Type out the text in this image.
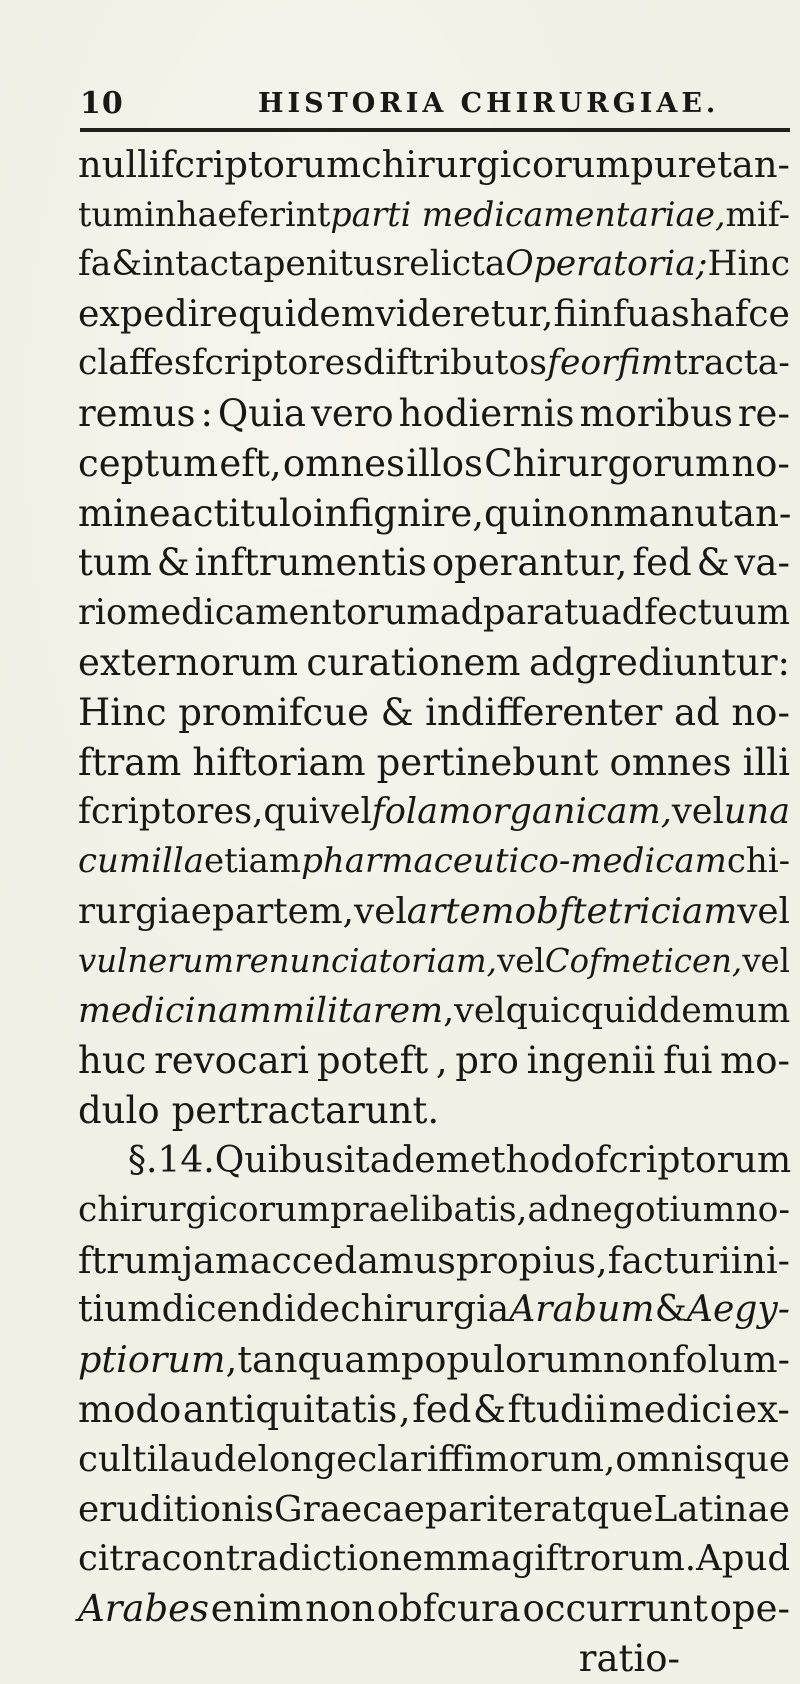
10	HISTORIA CHIRURGIAE.
nulli fcriptorum chirurgicorum pure tan-
tum inhaeferint parti medicamentariae, mif-
fa & intacta penitus relicta Operatoria; Hinc
expedire quidem videretur, fi in fuas hafce
claffes fcriptores diftributos feorfim tracta-
remus : Quia vero hodiernis moribus re-
ceptum eft, omnes illos Chirurgorum no-
mine ac titulo infignire, qui non manu tan-
tum & inftrumentis operantur, fed & va-
rio medicamentorum adparatu adfectuum
externorum curationem adgrediuntur:
Hinc promifcue & indifferenter ad no-
ftram hiftoriam pertinebunt omnes illi
fcriptores, qui vel folam organicam, vel una
cum illa etiam pharmaceutico- medicam chi-
rurgiae partem , vel artem obftetriciam vel
vulnerum renunciatoriam, vel Cofmeticen, vel
medicinam militarem , vel quicquid demum
huc revocari poteft , pro ingenii fui mo-
dulo pertractarunt.
§. 14. Quibus ita de methodo fcriptorum
chirurgicorum praelibatis,ad negotium no-
ftrum jam accedamus propius, facturi ini-
tium dicendi de chirurgia Arabum & Aegy-
ptiorum , tanquam populorum non folum-
modo antiquitatis , fed & ftudii medici ex-
culti laude longe clariffimorum, omnisque
eruditionis Graecae pariter atque Latinae
citra contradictionem magiftrorum. Apud
Arabes enim non obfcura occurrunt ope-
ratio-
